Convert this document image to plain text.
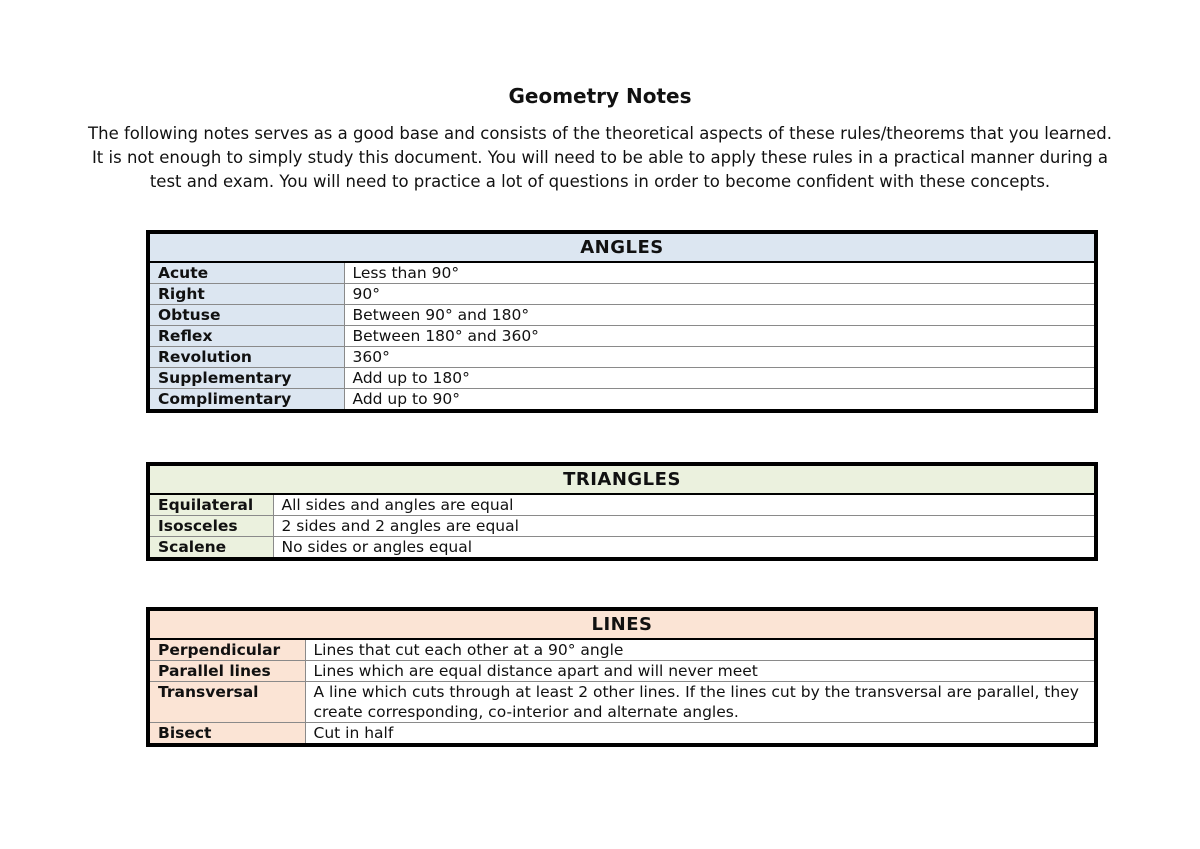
Geometry Notes
The following notes serves as a good base and consists of the theoretical aspects of these rules/theorems that you learned.
It is not enough to simply study this document. You will need to be able to apply these rules in a practical manner during a
test and exam. You will need to practice a lot of questions in order to become confident with these concepts.
ANGLES	
Acute	Less than 90°
Right	90°
Obtuse	Between 90° and 180°
Reflex	Between 180° and 360°
Revolution	360°
Supplementary	Add up to 180°
Complimentary	Add up to 90°
TRIANGLES	
Equilateral	All sides and angles are equal
Isosceles	2 sides and 2 angles are equal
Scalene	No sides or angles equal
LINES	
Perpendicular	Lines that cut each other at a 90° angle
Parallel lines	Lines which are equal distance apart and will never meet
Transversal	A line which cuts through at least 2 other lines. If the lines cut by the transversal are parallel, they create corresponding, co-interior and alternate angles.
Bisect	Cut in half
